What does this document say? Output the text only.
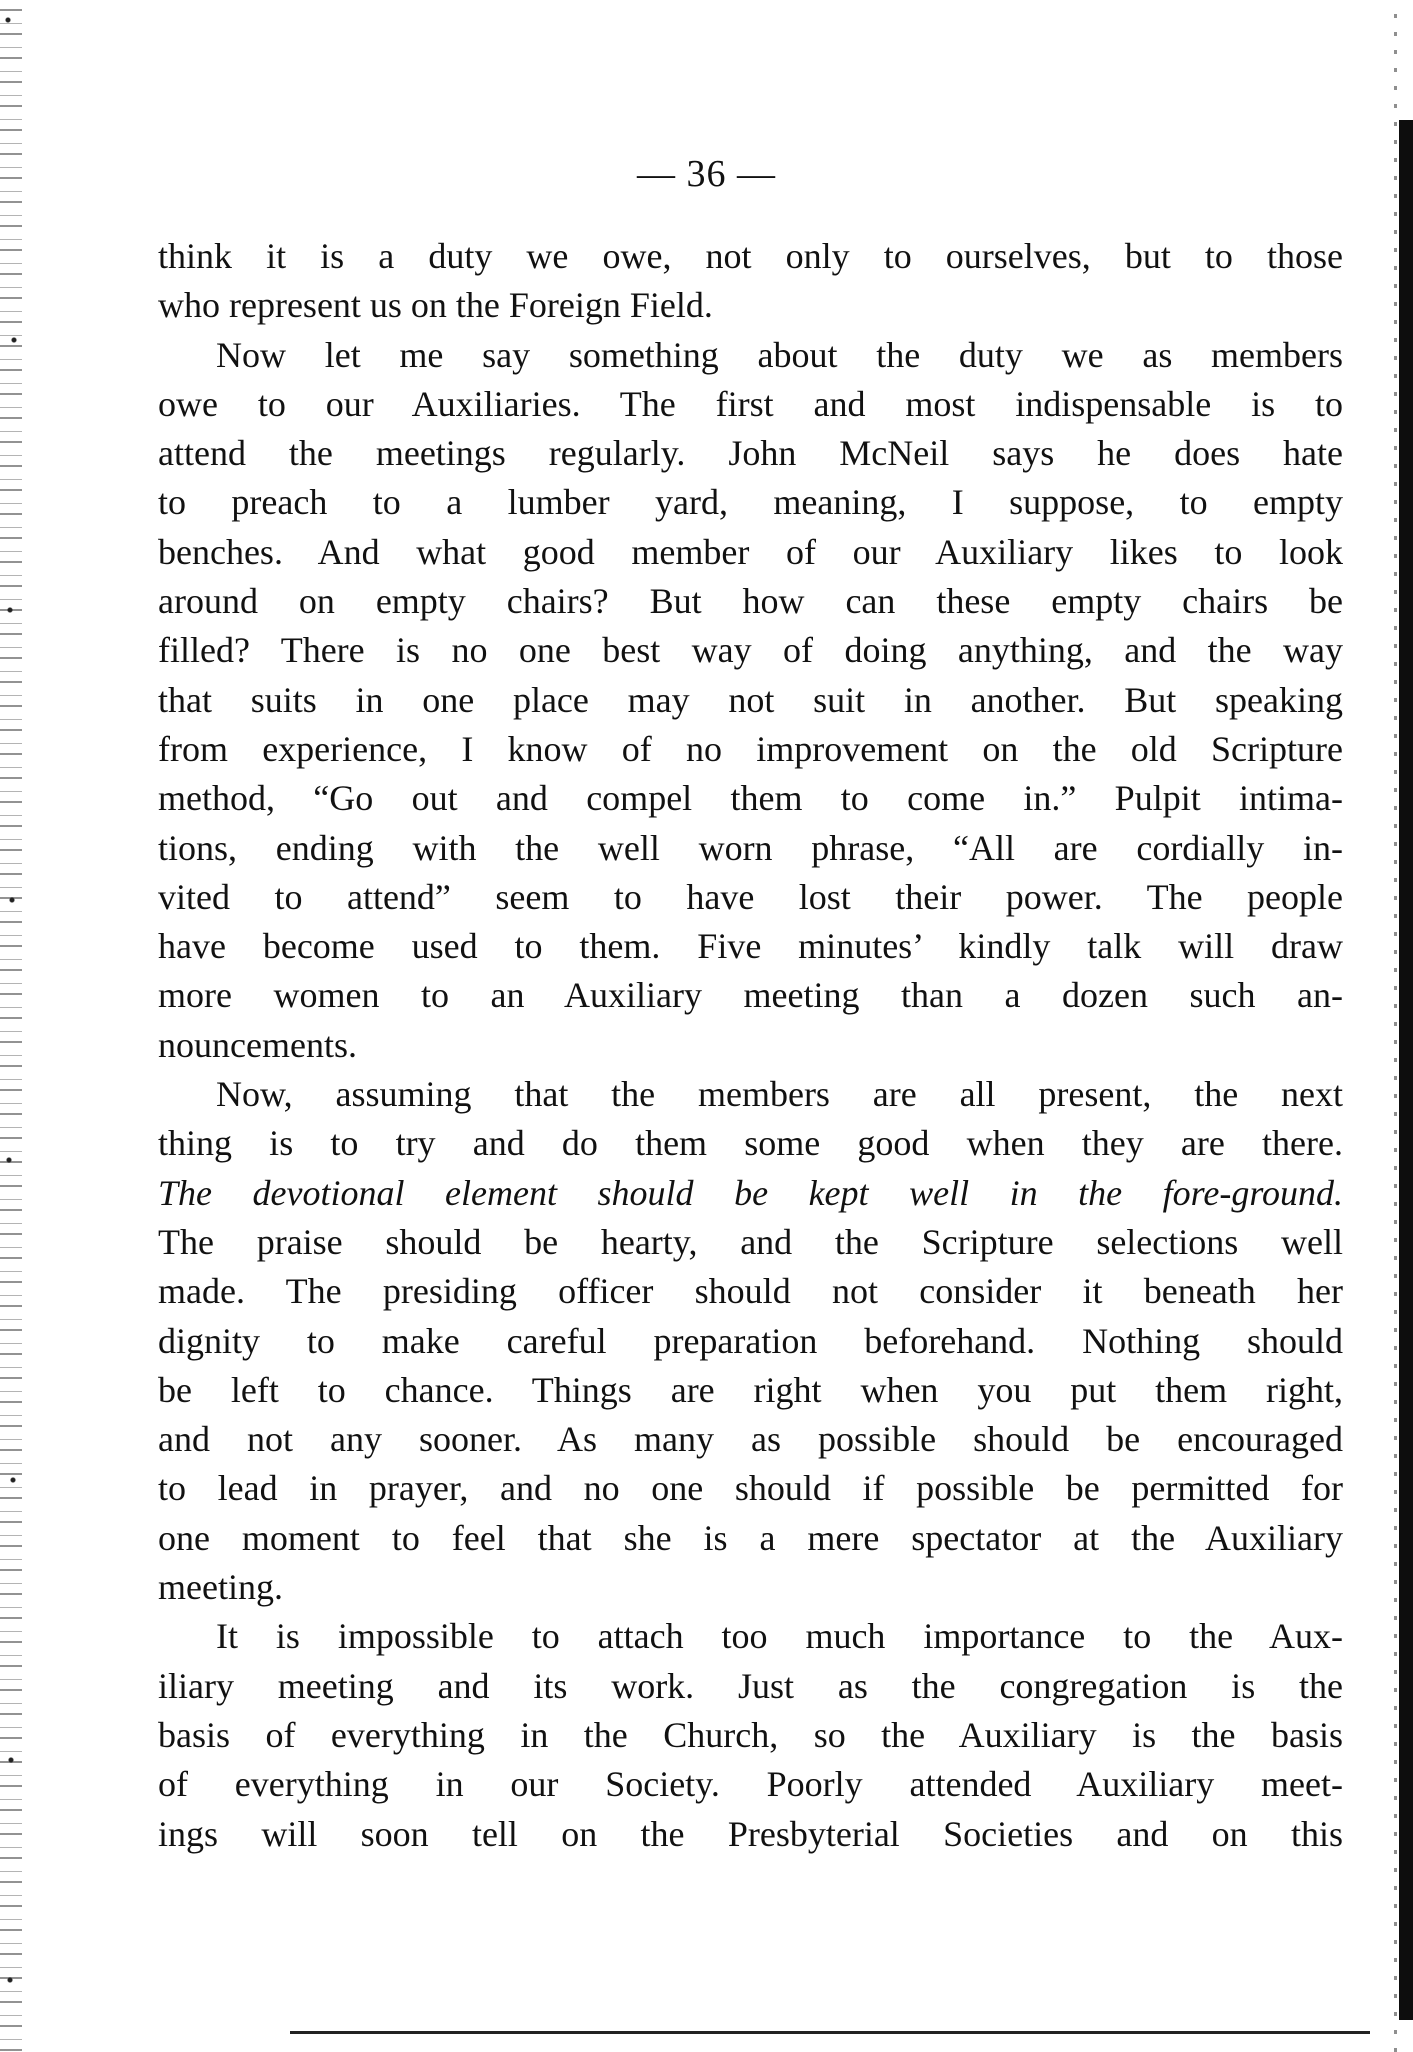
— 36 —

think it is a duty we owe, not only to ourselves, but to those
who represent us on the Foreign Field.

Now let me say something about the duty we as members
owe to our Auxiliaries. The first and most indispensable is to
attend the meetings regularly. John McNeil says he does hate
to preach to a lumber yard, meaning, I suppose, to empty
benches. And what good member of our Auxiliary likes to look
around on empty chairs? But how can these empty chairs be
filled? There is no one best way of doing anything, and the way
that suits in one place may not suit in another. But speaking
from experience, I know of no improvement on the old Scripture
method, “Go out and compel them to come in.” Pulpit intima-
tions, ending with the well worn phrase, “All are cordially in-
vited to attend” seem to have lost their power. The people
have become used to them. Five minutes’ kindly talk will draw
more women to an Auxiliary meeting than a dozen such an-
nouncements.

Now, assuming that the members are all present, the next
thing is to try and do them some good when they are there.
The devotional element should be kept well in the fore-ground.
The praise should be hearty, and the Scripture selections well
made. The presiding officer should not consider it beneath her
dignity to make careful preparation beforehand. Nothing should
be left to chance. Things are right when you put them right,
and not any sooner. As many as possible should be encouraged
to lead in prayer, and no one should if possible be permitted for
one moment to feel that she is a mere spectator at the Auxiliary
meeting.

It is impossible to attach too much importance to the Aux-
iliary meeting and its work. Just as the congregation is the
basis of everything in the Church, so the Auxiliary is the basis
of everything in our Society. Poorly attended Auxiliary meet-
ings will soon tell on the Presbyterial Societies and on this
